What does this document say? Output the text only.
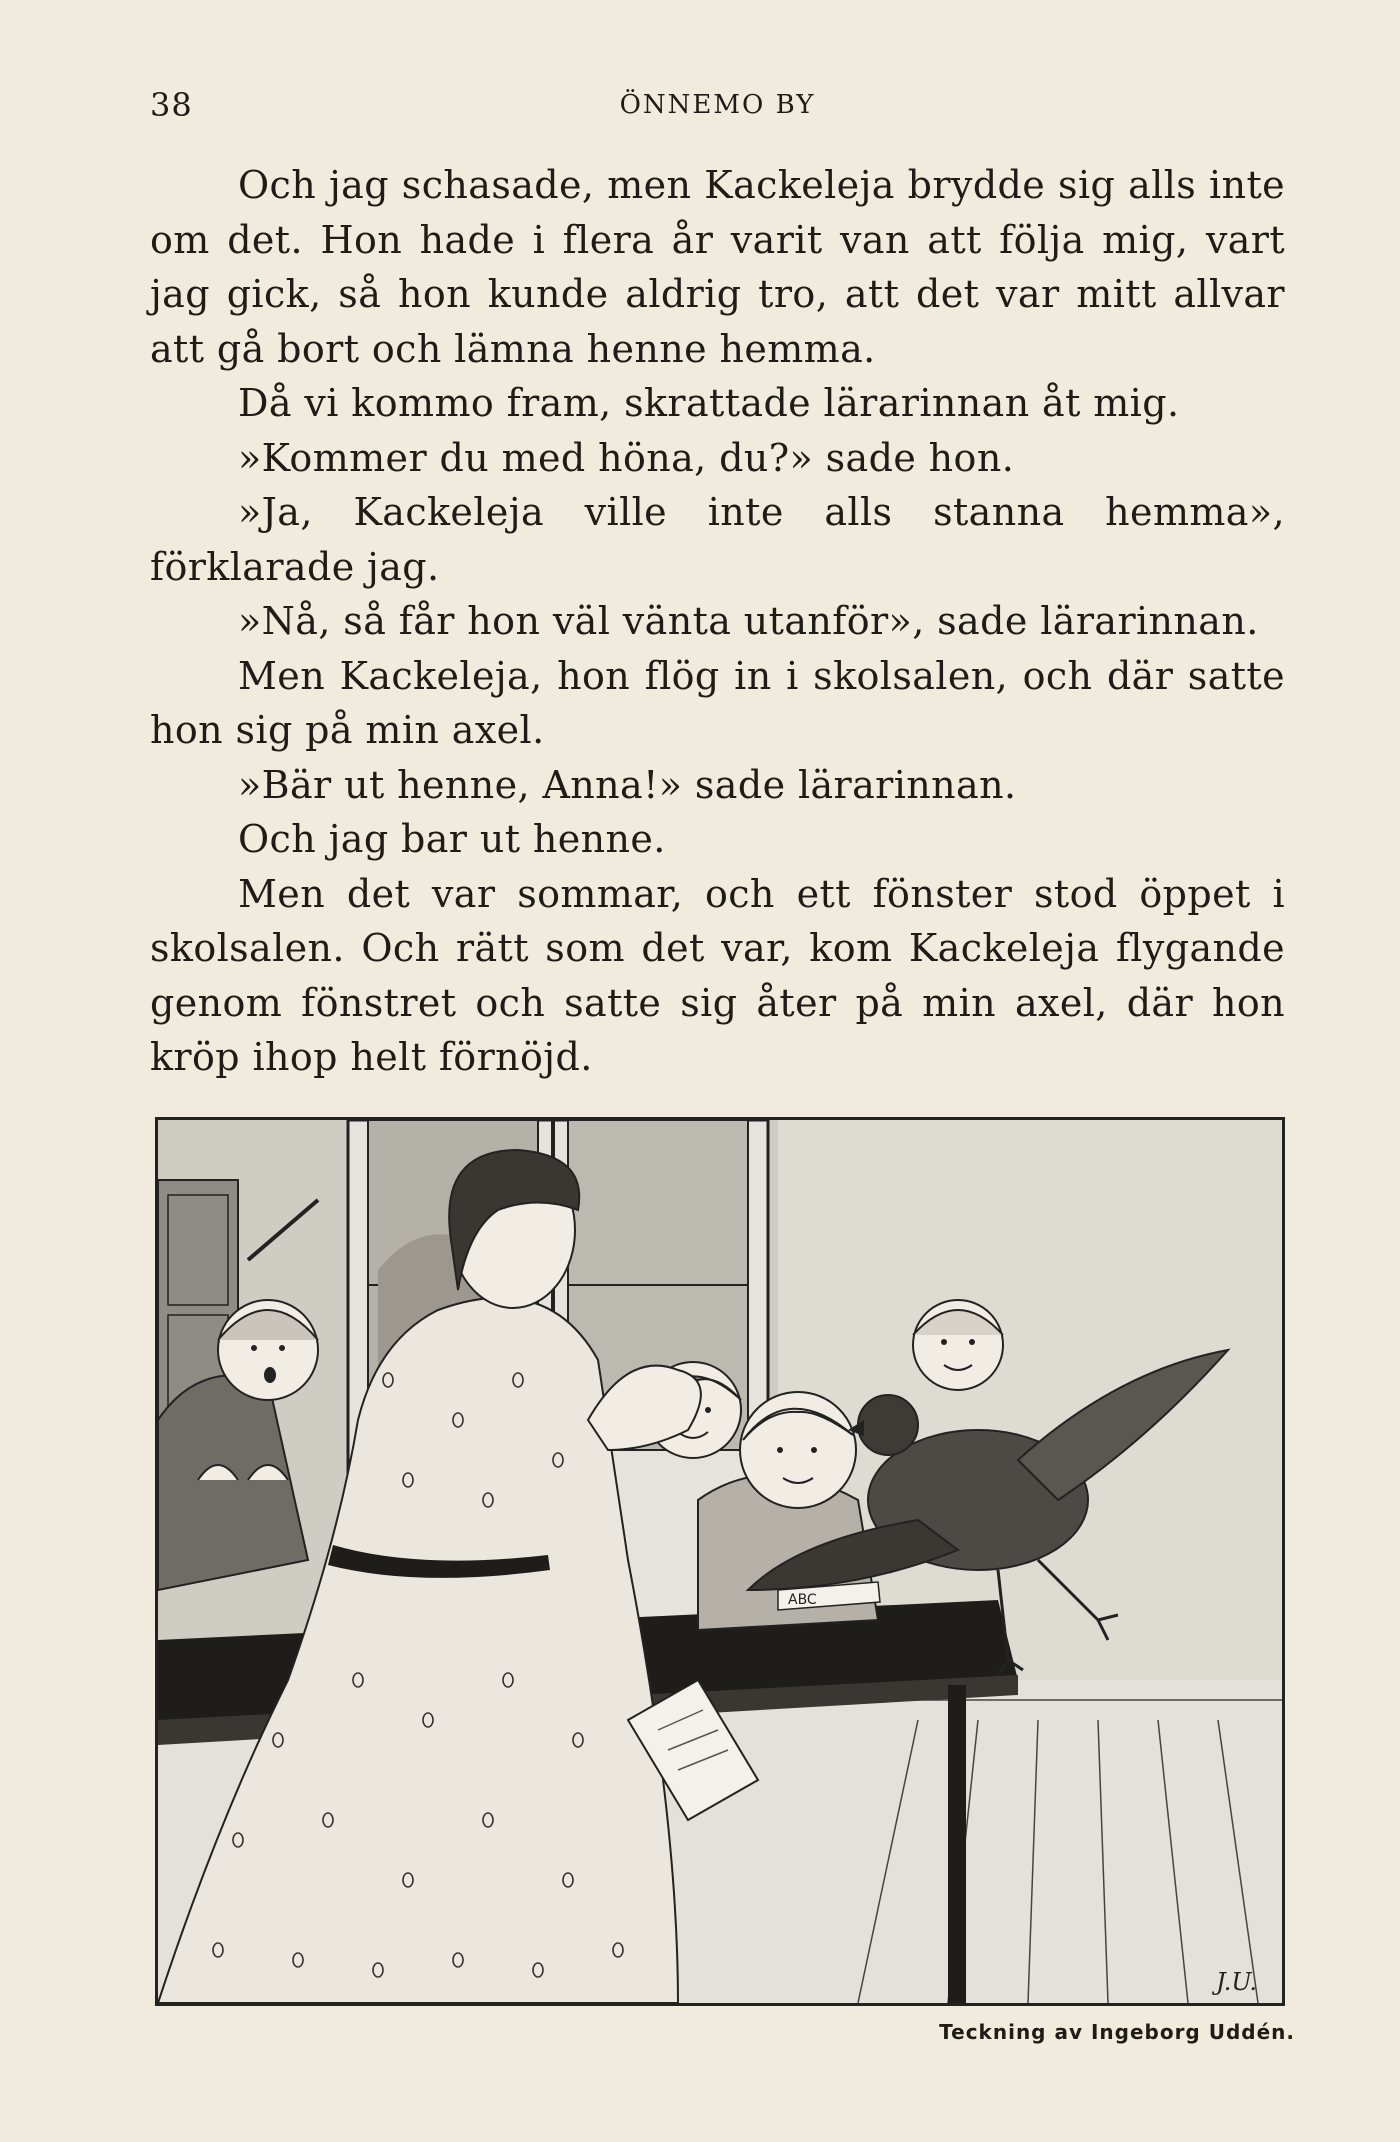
38	ÖNNEMO BY

Och jag schasade, men Kackeleja brydde sig alls inte om det. Hon hade i flera år varit van att följa mig, vart jag gick, så hon kunde aldrig tro, att det var mitt allvar att gå bort och lämna henne hemma.

Då vi kommo fram, skrattade lärarinnan åt mig.

»Kommer du med höna, du?» sade hon.

»Ja, Kackeleja ville inte alls stanna hemma», förklarade jag.

»Nå, så får hon väl vänta utanför», sade lärarinnan.

Men Kackeleja, hon flög in i skolsalen, och där satte hon sig på min axel.

»Bär ut henne, Anna!» sade lärarinnan.

Och jag bar ut henne.

Men det var sommar, och ett fönster stod öppet i skolsalen. Och rätt som det var, kom Kackeleja flygande genom fönstret och satte sig åter på min axel, där hon kröp ihop helt förnöjd.

ABC
J.U.
Teckning av Ingeborg Uddén.
